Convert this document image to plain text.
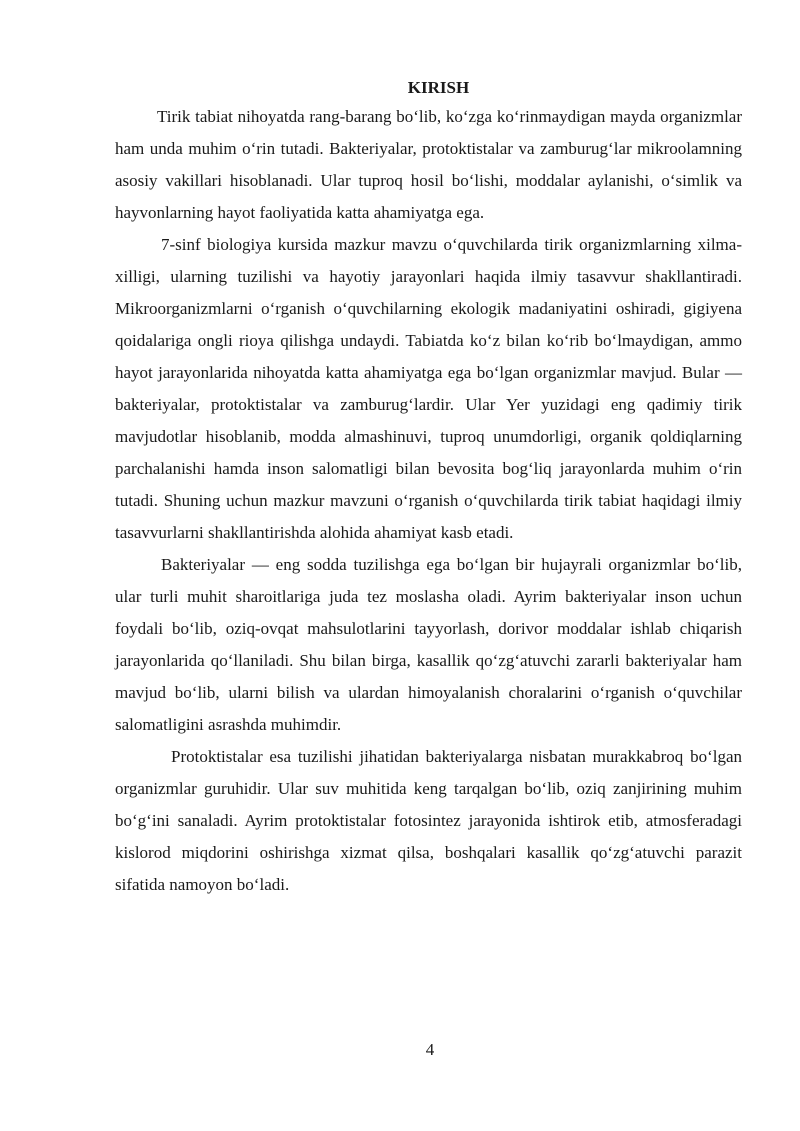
KIRISH

Tirik tabiat nihoyatda rang-barang bo‘lib, ko‘zga ko‘rinmaydigan mayda organizmlar ham unda muhim o‘rin tutadi. Bakteriyalar, protoktistalar va zamburug‘lar mikroolamning asosiy vakillari hisoblanadi. Ular tuproq hosil bo‘lishi, moddalar aylanishi, o‘simlik va hayvonlarning hayot faoliyatida katta ahamiyatga ega.

7-sinf biologiya kursida mazkur mavzu o‘quvchilarda tirik organizmlarning xilma-xilligi, ularning tuzilishi va hayotiy jarayonlari haqida ilmiy tasavvur shakllantiradi. Mikroorganizmlarni o‘rganish o‘quvchilarning ekologik madaniyatini oshiradi, gigiyena qoidalariga ongli rioya qilishga undaydi. Tabiatda ko‘z bilan ko‘rib bo‘lmaydigan, ammo hayot jarayonlarida nihoyatda katta ahamiyatga ega bo‘lgan organizmlar mavjud. Bular — bakteriyalar, protoktistalar va zamburug‘lardir. Ular Yer yuzidagi eng qadimiy tirik mavjudotlar hisoblanib, modda almashinuvi, tuproq unumdorligi, organik qoldiqlarning parchalanishi hamda inson salomatligi bilan bevosita bog‘liq jarayonlarda muhim o‘rin tutadi. Shuning uchun mazkur mavzuni o‘rganish o‘quvchilarda tirik tabiat haqidagi ilmiy tasavvurlarni shakllantirishda alohida ahamiyat kasb etadi.

Bakteriyalar — eng sodda tuzilishga ega bo‘lgan bir hujayrali organizmlar bo‘lib, ular turli muhit sharoitlariga juda tez moslasha oladi. Ayrim bakteriyalar inson uchun foydali bo‘lib, oziq-ovqat mahsulotlarini tayyorlash, dorivor moddalar ishlab chiqarish jarayonlarida qo‘llaniladi. Shu bilan birga, kasallik qo‘zg‘atuvchi zararli bakteriyalar ham mavjud bo‘lib, ularni bilish va ulardan himoyalanish choralarini o‘rganish o‘quvchilar salomatligini asrashda muhimdir.

Protoktistalar esa tuzilishi jihatidan bakteriyalarga nisbatan murakkabroq bo‘lgan organizmlar guruhidir. Ular suv muhitida keng tarqalgan bo‘lib, oziq zanjirining muhim bo‘g‘ini sanaladi. Ayrim protoktistalar fotosintez jarayonida ishtirok etib, atmosferadagi kislorod miqdorini oshirishga xizmat qilsa, boshqalari kasallik qo‘zg‘atuvchi parazit sifatida namoyon bo‘ladi.

4
